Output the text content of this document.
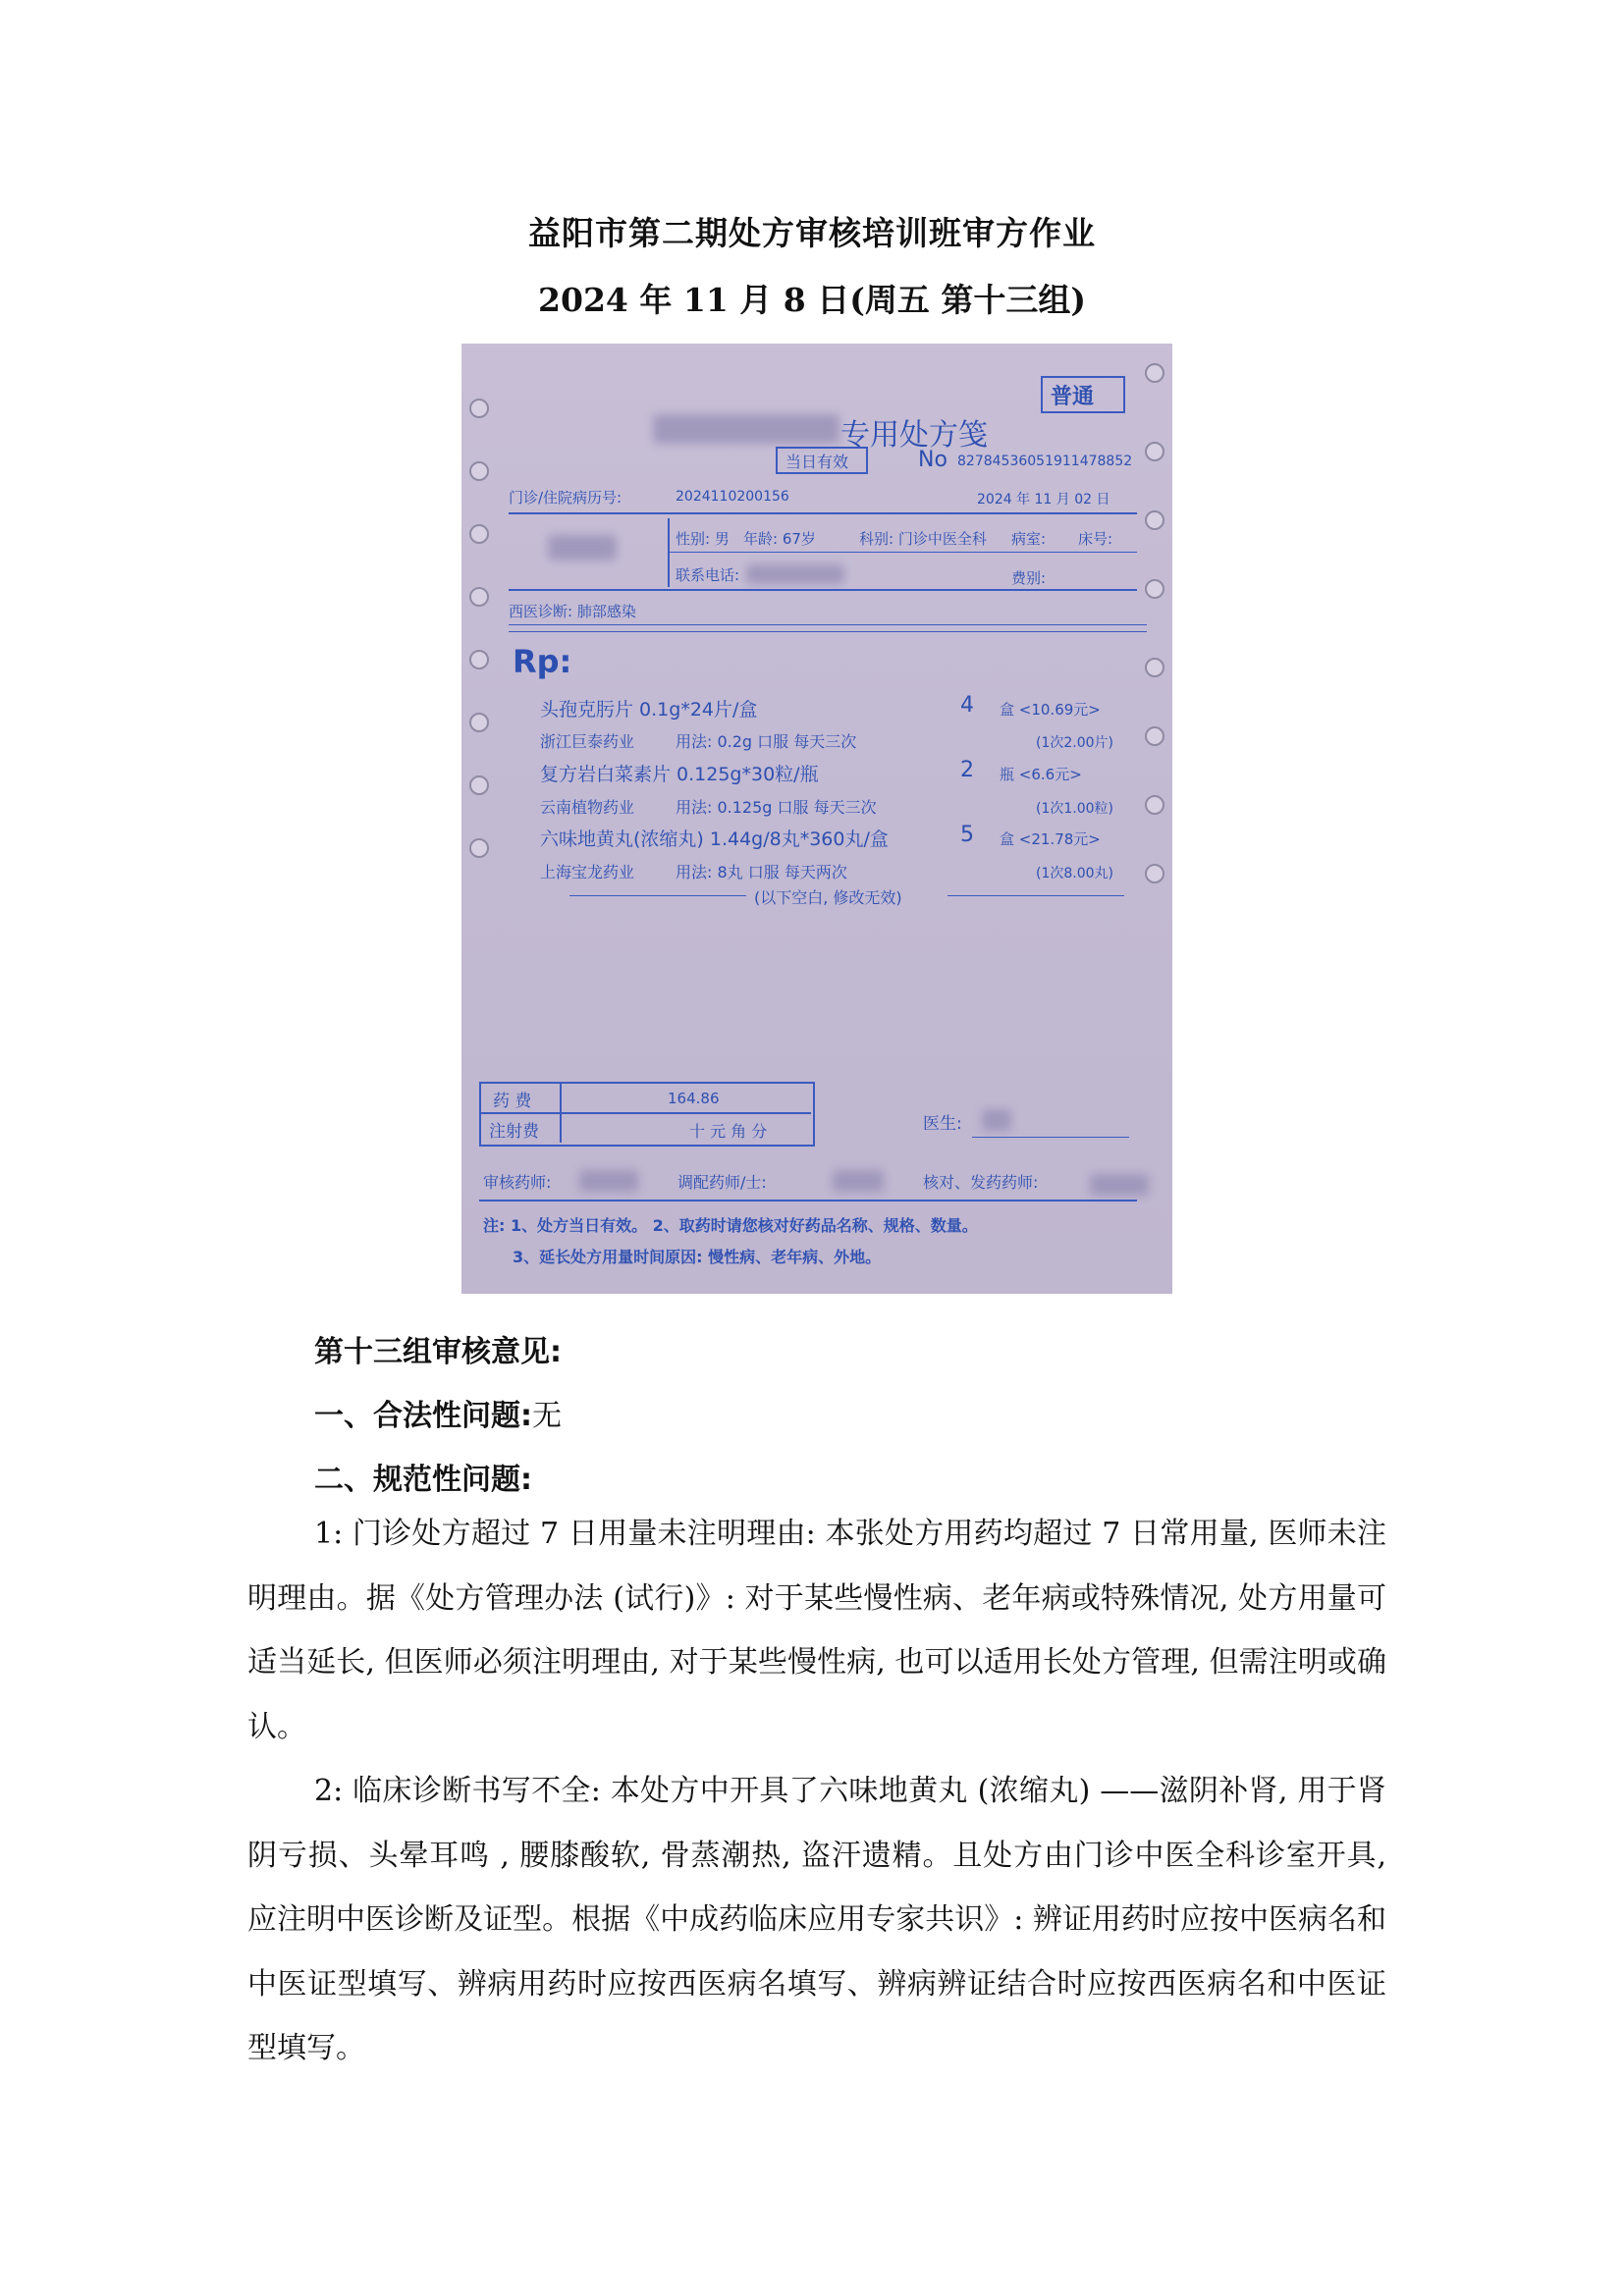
益阳市第二期处方审核培训班审方作业
2024 年 11 月 8 日(周五 第十三组)
普通
专用处方笺
当日有效	No 8278453605191147885​2
门诊/住院病历号:	20241102001​56	2024 年 11 月 02 日
性别: 男 年龄: 67岁	科别: 门诊中医全科 病室: 床号:
联系电话:	费别:
西医诊断: 肺部感染
Rp:
头孢克肟片 0.1g*24片/盒	4 盒 <10.69元>
浙江巨泰药业	用法: 0.2g 口服 每天三次	(1次2.00片)
复方岩白菜素片 0.125g*30粒/瓶	2 瓶 <6.6元>
云南植物药业	用法: 0.125g 口服 每天三次	(1次1.00粒)
六味地黄丸(浓缩丸) 1.44g/8丸*360丸/盒	5 盒 <21.78元>
上海宝龙药业	用法: 8丸 口服 每天两次	(1次8.00丸)
(以下空白, 修改无效)
药 费	164.86
注射费	十 元 角 分	医生:
审核药师:	调配药师/士:	核对、发药药师:
注: 1、处方当日有效。 2、取药时请您核对好药品名称、规格、数量。
3、延长处方用量时间原因: 慢性病、老年病、外地。
第十三组审核意见:
一、合法性问题:无
二、规范性问题:
1: 门诊处方超过 7 日用量未注明理由: 本张处方用药均超过 7 日常用量, 医师未注明理由。据《处方管理办法 (试行)》: 对于某些慢性病、老年病或特殊情况, 处方用量可适当延长, 但医师必须注明理由, 对于某些慢性病, 也可以适用长处方管理, 但需注明或确认。
2: 临床诊断书写不全: 本处方中开具了六味地黄丸 (浓缩丸) ——滋阴补肾, 用于肾阴亏损、头晕耳鸣 , 腰膝酸软, 骨蒸潮热, 盗汗遗精。且处方由门诊中医全科诊室开具, 应注明中医诊断及证型。根据《中成药临床应用专家共识》: 辨证用药时应按中医病名和中医证型填写、辨病用药时应按西医病名填写、辨病辨证结合时应按西医病名和中医证型填写。
